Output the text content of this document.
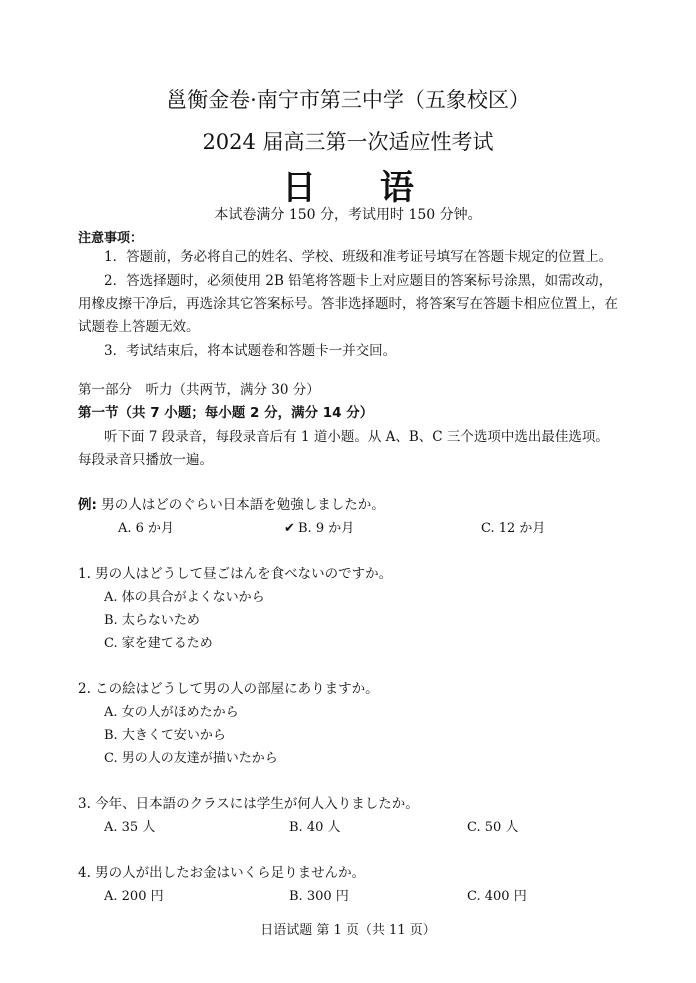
邕衡金卷·南宁市第三中学（五象校区）
2024 届高三第一次适应性考试
日 语
本试卷满分 150 分，考试用时 150 分钟。
注意事项：
1．答题前，务必将自己的姓名、学校、班级和准考证号填写在答题卡规定的位置上。
2．答选择题时，必须使用 2B 铅笔将答题卡上对应题目的答案标号涂黑，如需改动，用橡皮擦干净后，再选涂其它答案标号。答非选择题时，将答案写在答题卡相应位置上，在试题卷上答题无效。
3．考试结束后，将本试题卷和答题卡一并交回。
第一部分　听力（共两节，满分 30 分）
第一节（共 7 小题；每小题 2 分，满分 14 分）
听下面 7 段录音，每段录音后有 1 道小题。从 A、B、C 三个选项中选出最佳选项。每段录音只播放一遍。
例: 男の人はどのぐらい日本語を勉強しましたか。
A. 6 か月	✔ B. 9 か月	C. 12 か月
1. 男の人はどうして昼ごはんを食べないのですか。
A. 体の具合がよくないから
B. 太らないため
C. 家を建てるため
2. この絵はどうして男の人の部屋にありますか。
A. 女の人がほめたから
B. 大きくて安いから
C. 男の人の友達が描いたから
3. 今年、日本語のクラスには学生が何人入りましたか。
A. 35 人	B. 40 人	C. 50 人
4. 男の人が出したお金はいくら足りませんか。
A. 200 円	B. 300 円	C. 400 円
日语试题 第 1 页（共 11 页）
